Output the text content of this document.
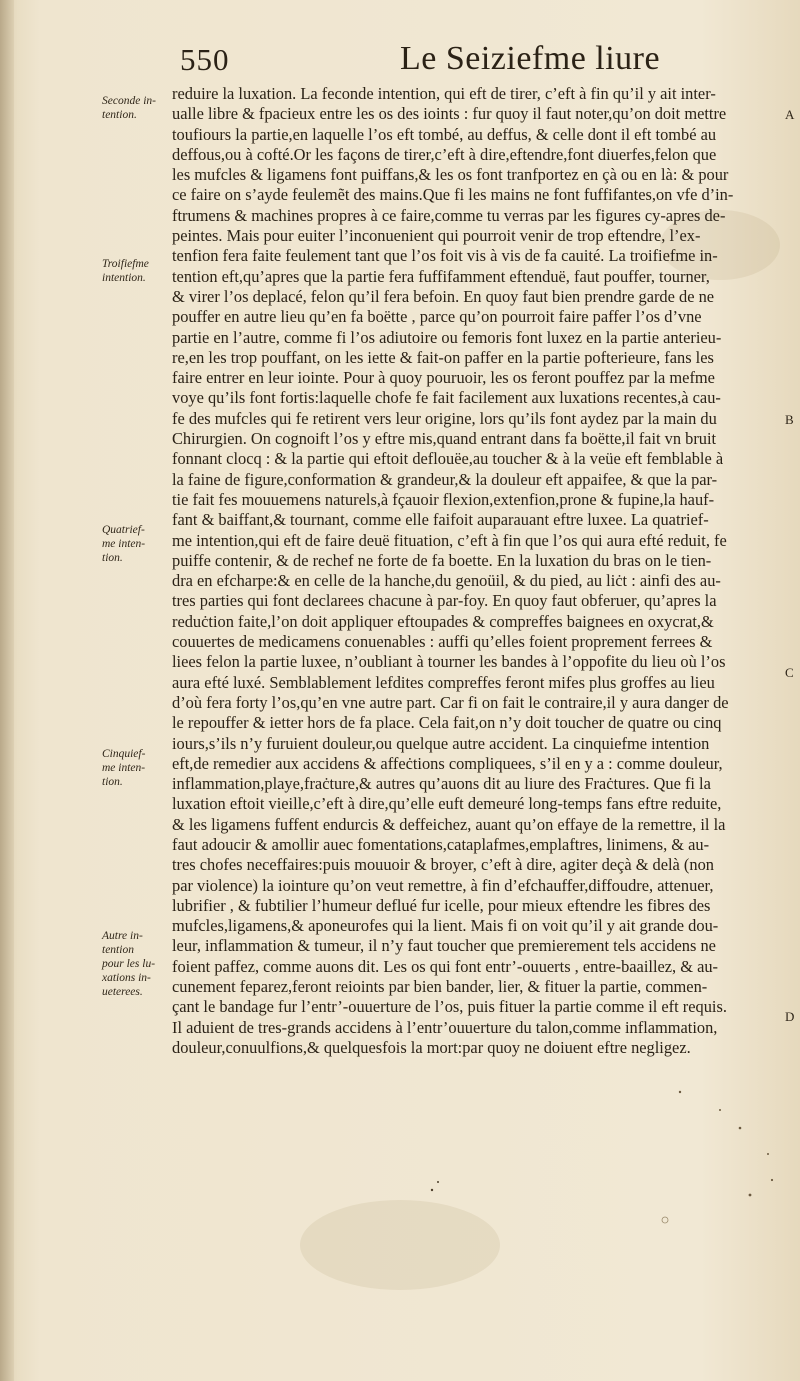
550	Le Seiziefme liure
Seconde in-
tention.
Troifiefme
intention.
Quatrief-
me inten-
tion.
Cinquief-
me inten-
tion.
Autre in-
tention
pour les lu-
xations in-
ueterees.
A
B
C
D
reduire la luxation. La feconde intention, qui eft de tirer, c’eft à fin qu’il y ait inter-
ualle libre & fpacieux entre les os des ioints : fur quoy il faut noter,qu’on doit mettre
toufiours la partie,en laquelle l’os eft tombé, au deffus, & celle dont il eft tombé au
deffous,ou à cofté.Or les façons de tirer,c’eft à dire,eftendre,font diuerfes,felon que
les mufcles & ligamens font puiffans,& les os font tranfportez en çà ou en là: & pour
ce faire on s’ayde feulemẽt des mains.Que fi les mains ne font fuffifantes,on vfe d’in-
ftrumens & machines propres à ce faire,comme tu verras par les figures cy-apres de-
peintes. Mais pour euiter l’inconuenient qui pourroit venir de trop eftendre, l’ex-
tenfion fera faite feulement tant que l’os foit vis à vis de fa cauité. La troifiefme in-
tention eft,qu’apres que la partie fera fuffifamment eftenduë, faut pouffer, tourner,
& virer l’os deplacé, felon qu’il fera befoin. En quoy faut bien prendre garde de ne
pouffer en autre lieu qu’en fa boëtte , parce qu’on pourroit faire paffer l’os d’vne
partie en l’autre, comme fi l’os adiutoire ou femoris font luxez en la partie anterieu-
re,en les trop pouffant, on les iette & fait-on paffer en la partie pofterieure, fans les
faire entrer en leur iointe. Pour à quoy pouruoir, les os feront pouffez par la mefme
voye qu’ils font fortis:laquelle chofe fe fait facilement aux luxations recentes,à cau-
fe des mufcles qui fe retirent vers leur origine, lors qu’ils font aydez par la main du
Chirurgien. On cognoift l’os y eftre mis,quand entrant dans fa boëtte,il fait vn bruit
fonnant clocq : & la partie qui eftoit deflouëe,au toucher & à la veüe eft femblable à
la faine de figure,conformation & grandeur,& la douleur eft appaifee, & que la par-
tie fait fes mouuemens naturels,à fçauoir flexion,extenfion,prone & fupine,la hauf-
fant & baiffant,& tournant, comme elle faifoit auparauant eftre luxee. La quatrief-
me intention,qui eft de faire deuë fituation, c’eft à fin que l’os qui aura efté reduit, fe
puiffe contenir, & de rechef ne forte de fa boette. En la luxation du bras on le tien-
dra en efcharpe:& en celle de la hanche,du genoüil, & du pied, au liċt : ainfi des au-
tres parties qui font declarees chacune à par-foy. En quoy faut obferuer, qu’apres la
reduċtion faite,l’on doit appliquer eftoupades & compreffes baignees en oxycrat,&
couuertes de medicamens conuenables : auffi qu’elles foient proprement ferrees &
liees felon la partie luxee, n’oubliant à tourner les bandes à l’oppofite du lieu où l’os
aura efté luxé. Semblablement lefdites compreffes feront mifes plus groffes au lieu
d’où fera forty l’os,qu’en vne autre part. Car fi on fait le contraire,il y aura danger de
le repouffer & ietter hors de fa place. Cela fait,on n’y doit toucher de quatre ou cinq
iours,s’ils n’y furuient douleur,ou quelque autre accident. La cinquiefme intention
eft,de remedier aux accidens & affeċtions compliquees, s’il en y a : comme douleur,
inflammation,playe,fraċture,& autres qu’auons dit au liure des Fraċtures. Que fi la
luxation eftoit vieille,c’eft à dire,qu’elle euft demeuré long-temps fans eftre reduite,
& les ligamens fuffent endurcis & deffeichez, auant qu’on effaye de la remettre, il la
faut adoucir & amollir auec fomentations,cataplafmes,emplaftres, linimens, & au-
tres chofes neceffaires:puis mouuoir & broyer, c’eft à dire, agiter deçà & delà (non
par violence) la iointure qu’on veut remettre, à fin d’efchauffer,diffoudre, attenuer,
lubrifier , & fubtilier l’humeur deflué fur icelle, pour mieux eftendre les fibres des
mufcles,ligamens,& aponeurofes qui la lient. Mais fi on voit qu’il y ait grande dou-
leur, inflammation & tumeur, il n’y faut toucher que premierement tels accidens ne
foient paffez, comme auons dit. Les os qui font entr’-ouuerts , entre-baaillez, & au-
cunement feparez,feront reioints par bien bander, lier, & fituer la partie, commen-
çant le bandage fur l’entr’-ouuerture de l’os, puis fituer la partie comme il eft requis.
Il aduient de tres-grands accidens à l’entr’ouuerture du talon,comme inflammation,
douleur,conuulfions,& quelquesfois la mort:par quoy ne doiuent eftre negligez.
